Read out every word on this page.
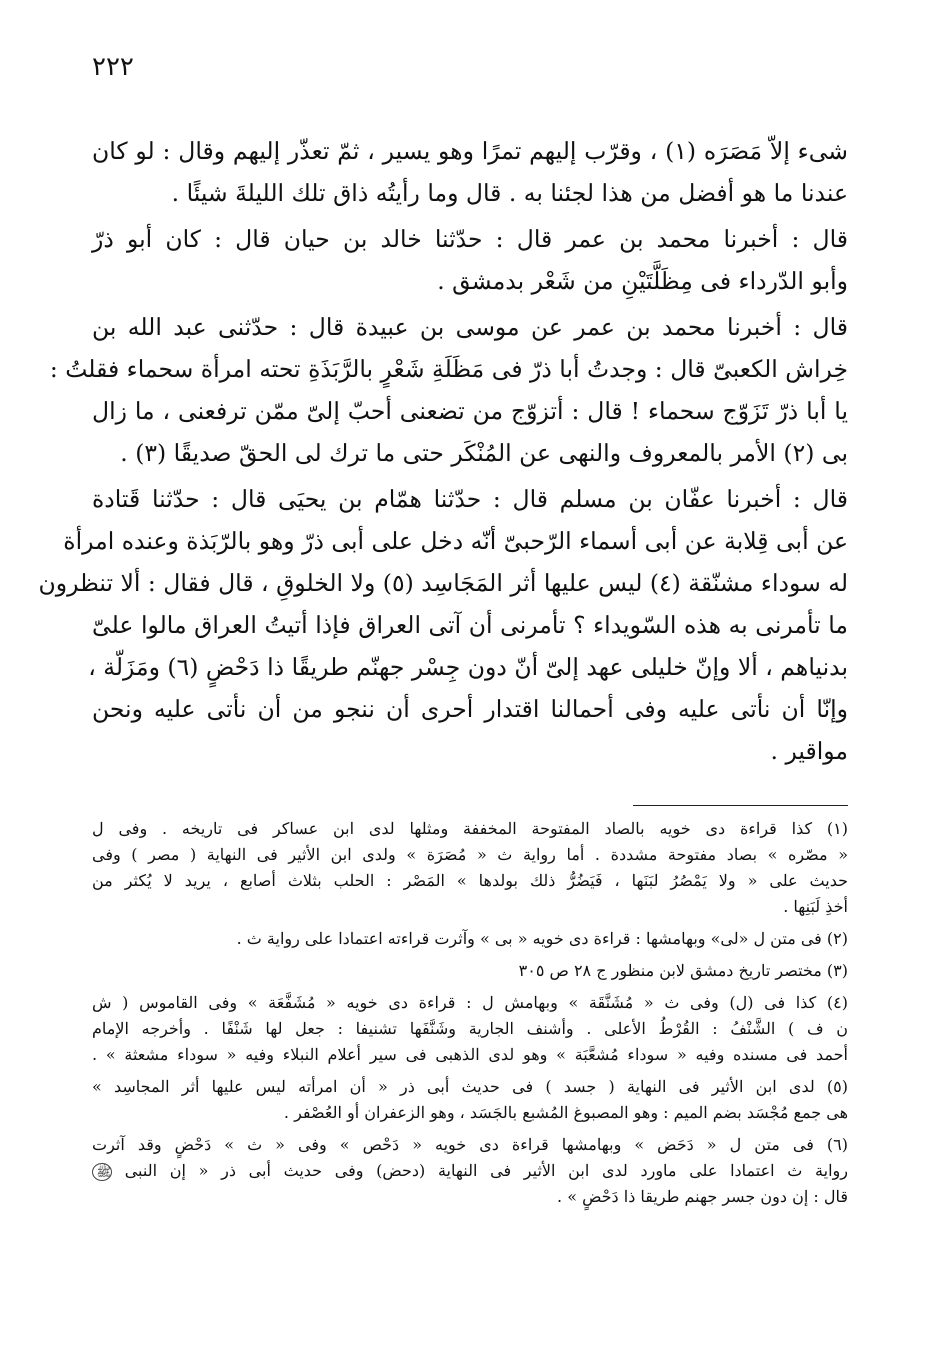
٢٢٢
شىء إلاّ مَصَرَه (١) ، وقرّب إليهم تمرًا وهو يسير ، ثمّ تعذّر إليهم وقال : لو كان
عندنا ما هو أفضل من هذا لجئنا به . قال وما رأيتُه ذاق تلك الليلةَ شيئًا .
قال : أخبرنا محمد بن عمر قال : حدّثنا خالد بن حيان قال : كان أبو ذرّ
وأبو الدّرداء فى مِظَلَّتَيْنِ من شَعْر بدمشق .
قال : أخبرنا محمد بن عمر عن موسى بن عبيدة قال : حدّثنى عبد الله بن
خِراش الكعبىّ قال : وجدتُ أبا ذرّ فى مَظَلَةِ شَعْرٍ بالرَّبَذَةِ تحته امرأة سحماء فقلتُ :
يا أبا ذرّ تَزَوّج سحماء ! قال : أتزوّج من تضعنى أحبّ إلىّ ممّن ترفعنى ، ما زال
بى (٢) الأمر بالمعروف والنهى عن المُنْكَر حتى ما ترك لى الحقّ صديقًا (٣) .
قال : أخبرنا عفّان بن مسلم قال : حدّثنا همّام بن يحيَى قال : حدّثنا قَتادة
عن أبى قِلابة عن أبى أسماء الرّحبىّ أنّه دخل على أبى ذرّ وهو بالرّبَذة وعنده امرأة
له سوداء مشنّقة (٤) ليس عليها أثر المَجَاسِد (٥) ولا الخلوقِ ، قال فقال : ألا تنظرون
ما تأمرنى به هذه السّويداء ؟ تأمرنى أن آتى العراق فإذا أتيتُ العراق مالوا علىّ
بدنياهم ، ألا وإنّ خليلى عهد إلىّ أنّ دون جِسْر جهنّم طريقًا ذا دَحْضٍ (٦) ومَزَلّة ،
وإنّا أن نأتى عليه وفى أحمالنا اقتدار أحرى أن ننجو من أن نأتى عليه ونحن
مواقير .
(١) كذا قراءة دى خويه بالصاد المفتوحة المخففة ومثلها لدى ابن عساكر فى تاريخه . وفى ل
« مصّره » بصاد مفتوحة مشددة . أما رواية ث « مُصَرَة » ولدى ابن الأثير فى النهاية ( مصر ) وفى
حديث على « ولا يَمْصُرُ لبَنَها ، فَيَضُرُّ ذلك بولدها » المَصْر : الحلب بثلاث أصابع ، يريد لا يُكثر من
أخذِ لَبَنِها .
(٢) فى متن ل «لى» وبهامشها : قراءة دى خويه « بى » وآثرت قراءته اعتمادا على رواية ث .
(٣) مختصر تاريخ دمشق لابن منظور ج ٢٨ ص ٣٠٥
(٤) كذا فى (ل) وفى ث « مُشَنَّقَة » وبهامش ل : قراءة دى خويه « مُشَفَّعَة » وفى القاموس ( ش
ن ف ) الشَّنْفُ : القُرْطُ الأعلى . وأشنف الجارية وشَنَّفَها تشنيفا : جعل لها شَنْفًا . وأخرجه الإمام
أحمد فى مسنده وفيه « سوداء مُشعَّبَة » وهو لدى الذهبى فى سير أعلام النبلاء وفيه « سوداء مشعثة » .
(٥) لدى ابن الأثير فى النهاية ( جسد ) فى حديث أبى ذر « أن امرأته ليس عليها أثر المجاسِد »
هى جمع مُجْسَد بضم الميم : وهو المصبوغ المُشبع بالجَسَد ، وهو الزعفران أو العُصْفر .
(٦) فى متن ل « دَحَض » وبهامشها قراءة دى خويه « دَحْص » وفى « ث » دَحْضٍ وقد آثرت
رواية ث اعتمادا على ماورد لدى ابن الأثير فى النهاية (دحض) وفى حديث أبى ذر « إن النبى ﷺ
قال : إن دون جسر جهنم طريقا ذا دَحْضٍ » .
